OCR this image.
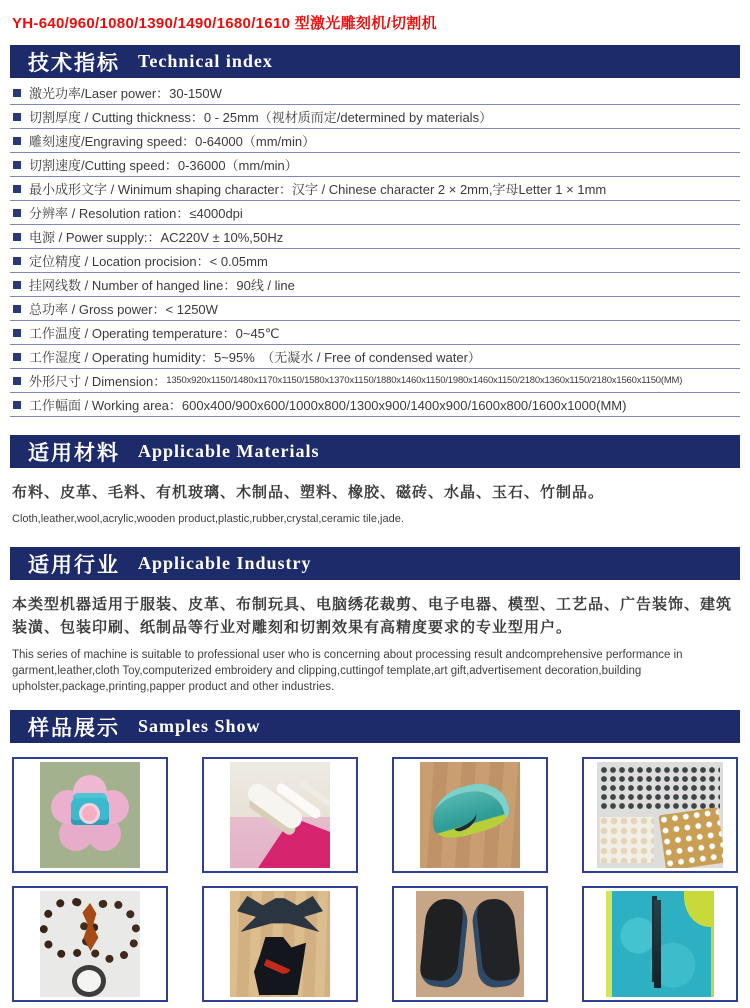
YH-640/960/1080/1390/1490/1680/1610 型激光雕刻机/切割机
技术指标 Technical index
激光功率/Laser power：30-150W
切割厚度 / Cutting thickness：0 - 25mm（视材质而定/determined by materials）
雕刻速度/Engraving speed：0-64000（mm/min）
切割速度/Cutting speed：0-36000（mm/min）
最小成形文字 / Winimum shaping character：汉字 / Chinese character 2 × 2mm,字母Letter 1 × 1mm
分辨率 / Resolution ration：≤4000dpi
电源 / Power supply:：AC220V ± 10%,50Hz
定位精度 / Location procision：< 0.05mm
挂网线数 / Number of hanged line：90线 / line
总功率 / Gross power：< 1250W
工作温度 / Operating temperature：0~45℃
工作湿度 / Operating humidity：5~95%　（无凝水 / Free of condensed water）
外形尺寸 / Dimension： 1350x920x1150/1480x1170x1150/1580x1370x1150/1880x1460x1150/1980x1460x1150/2180x1360x1150/2180x1560x1150(MM)
工作幅面 / Working area：600x400/900x600/1000x800/1300x900/1400x900/1600x800/1600x1000(MM)
适用材料 Applicable Materials
布料、皮革、毛料、有机玻璃、木制品、塑料、橡胶、磁砖、水晶、玉石、竹制品。
Cloth,leather,wool,acrylic,wooden product,plastic,rubber,crystal,ceramic tile,jade.
适用行业 Applicable Industry
本类型机器适用于服装、皮革、布制玩具、电脑绣花裁剪、电子电器、模型、工艺品、广告装饰、建筑装潢、包装印刷、纸制品等行业对雕刻和切割效果有高精度要求的专业型用户。
This series of machine is suitable to professional user who is concerning about processing result andcomprehensive performance in garment,leather,cloth Toy,computerized embroidery and clipping,cuttingof template,art gift,advertisement decoration,building upholster,package,printing,papper product and other industries.
样品展示 Samples Show
